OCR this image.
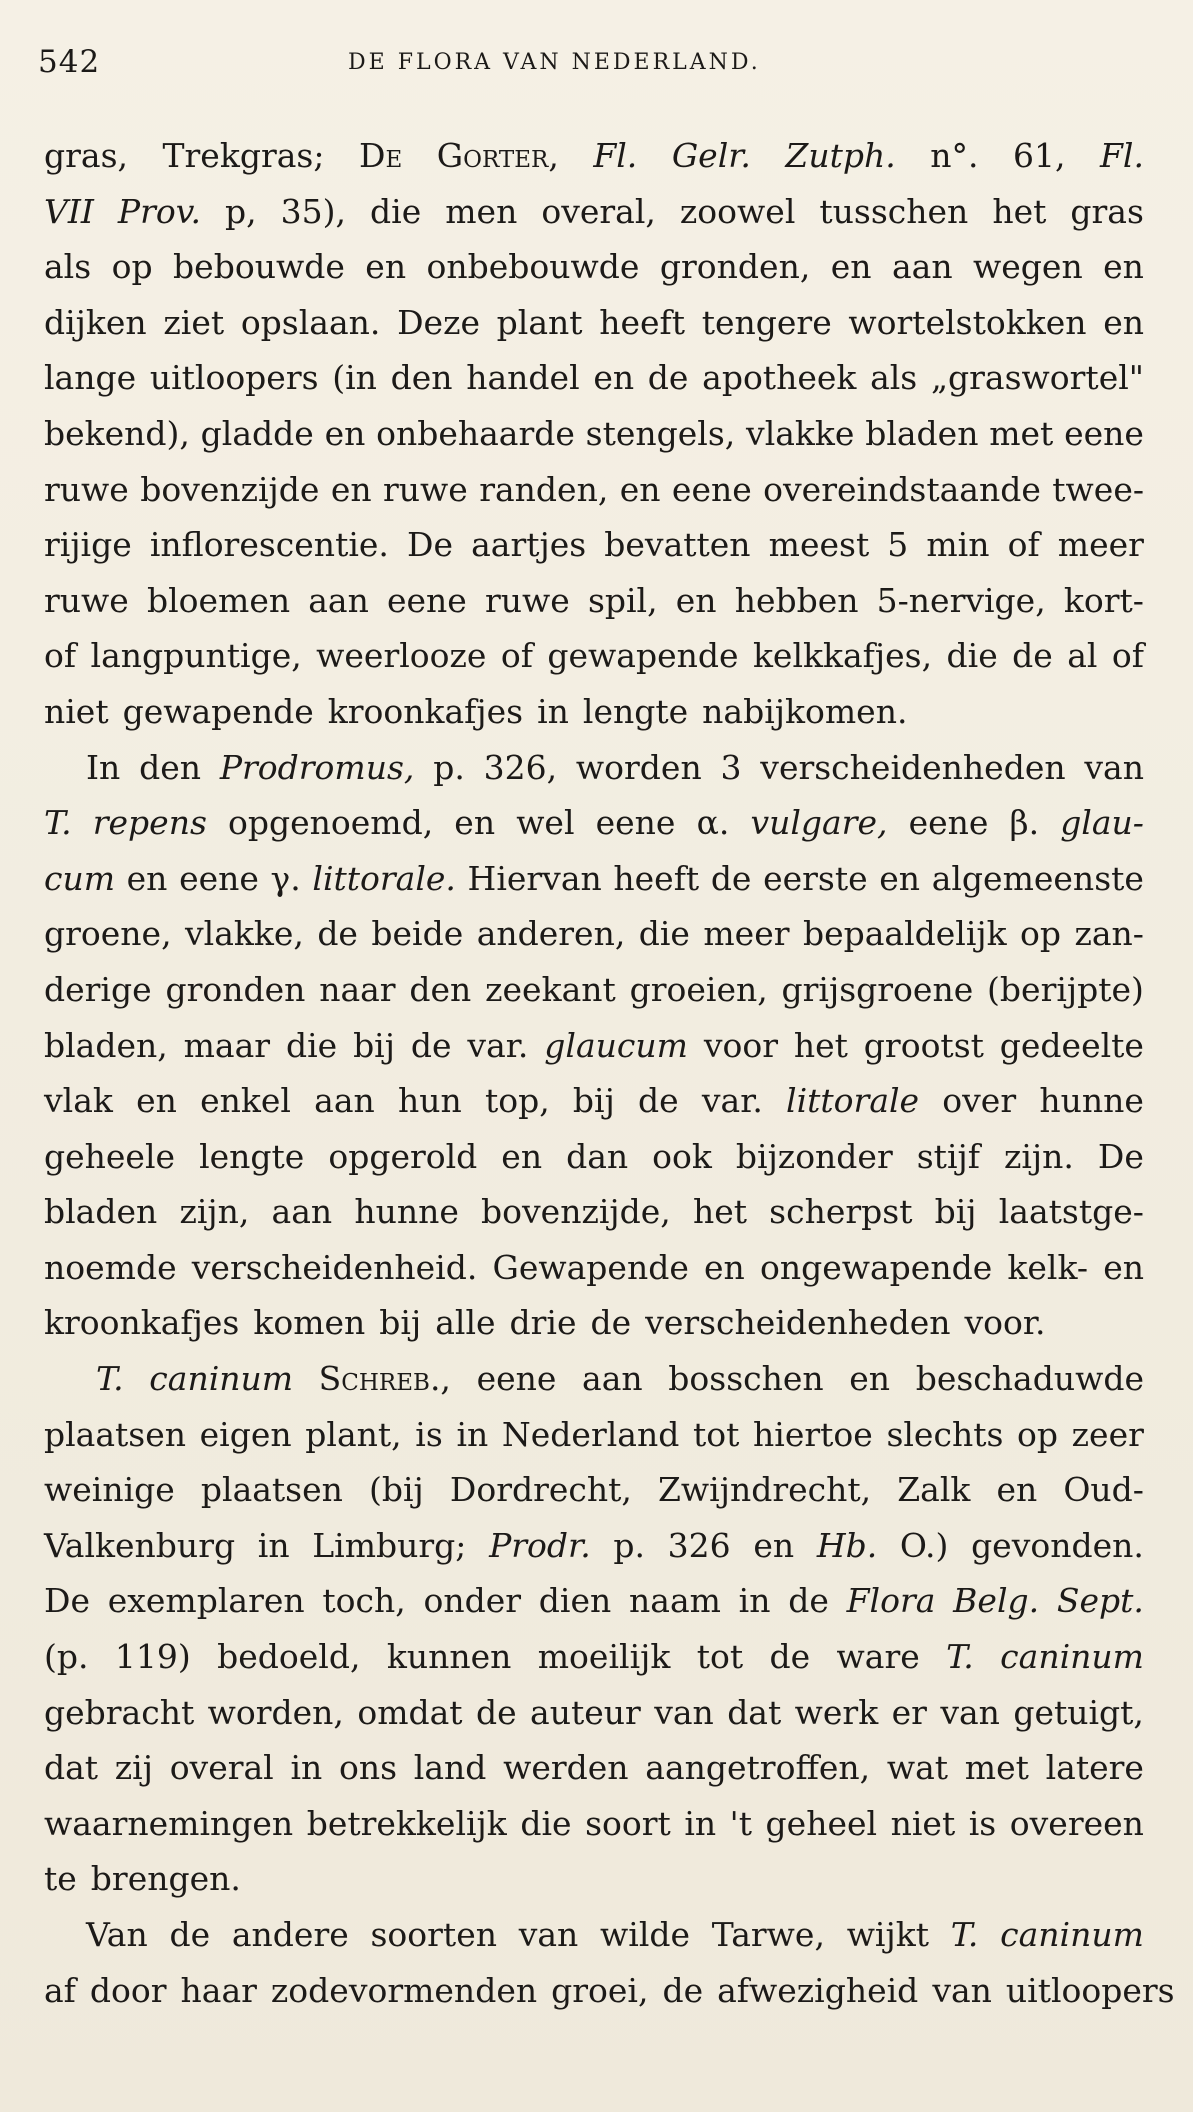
542	DE FLORA VAN NEDERLAND.
gras, Trekgras; De Gorter, Fl. Gelr. Zutph. n°. 61, Fl.
VII Prov. p, 35), die men overal, zoowel tusschen het gras
als op bebouwde en onbebouwde gronden, en aan wegen en
dijken ziet opslaan. Deze plant heeft tengere wortelstokken en
lange uitloopers (in den handel en de apotheek als „graswortel"
bekend), gladde en onbehaarde stengels, vlakke bladen met eene
ruwe bovenzijde en ruwe randen, en eene overeindstaande twee-
rijige inflorescentie. De aartjes bevatten meest 5 min of meer
ruwe bloemen aan eene ruwe spil, en hebben 5-nervige, kort-
of langpuntige, weerlooze of gewapende kelkkafjes, die de al of
niet gewapende kroonkafjes in lengte nabijkomen.
In den Prodromus, p. 326, worden 3 verscheidenheden van
T. repens opgenoemd, en wel eene α. vulgare, eene β. glau-
cum en eene γ. littorale. Hiervan heeft de eerste en algemeenste
groene, vlakke, de beide anderen, die meer bepaaldelijk op zan-
derige gronden naar den zeekant groeien, grijsgroene (berijpte)
bladen, maar die bij de var. glaucum voor het grootst gedeelte
vlak en enkel aan hun top, bij de var. littorale over hunne
geheele lengte opgerold en dan ook bijzonder stijf zijn. De
bladen zijn, aan hunne bovenzijde, het scherpst bij laatstge-
noemde verscheidenheid. Gewapende en ongewapende kelk- en
kroonkafjes komen bij alle drie de verscheidenheden voor.
T. caninum Schreb., eene aan bosschen en beschaduwde
plaatsen eigen plant, is in Nederland tot hiertoe slechts op zeer
weinige plaatsen (bij Dordrecht, Zwijndrecht, Zalk en Oud-
Valkenburg in Limburg; Prodr. p. 326 en Hb. O.) gevonden.
De exemplaren toch, onder dien naam in de Flora Belg. Sept.
(p. 119) bedoeld, kunnen moeilijk tot de ware T. caninum
gebracht worden, omdat de auteur van dat werk er van getuigt,
dat zij overal in ons land werden aangetroffen, wat met latere
waarnemingen betrekkelijk die soort in 't geheel niet is overeen
te brengen.
Van de andere soorten van wilde Tarwe, wijkt T. caninum
af door haar zodevormenden groei, de afwezigheid van uitloopers
